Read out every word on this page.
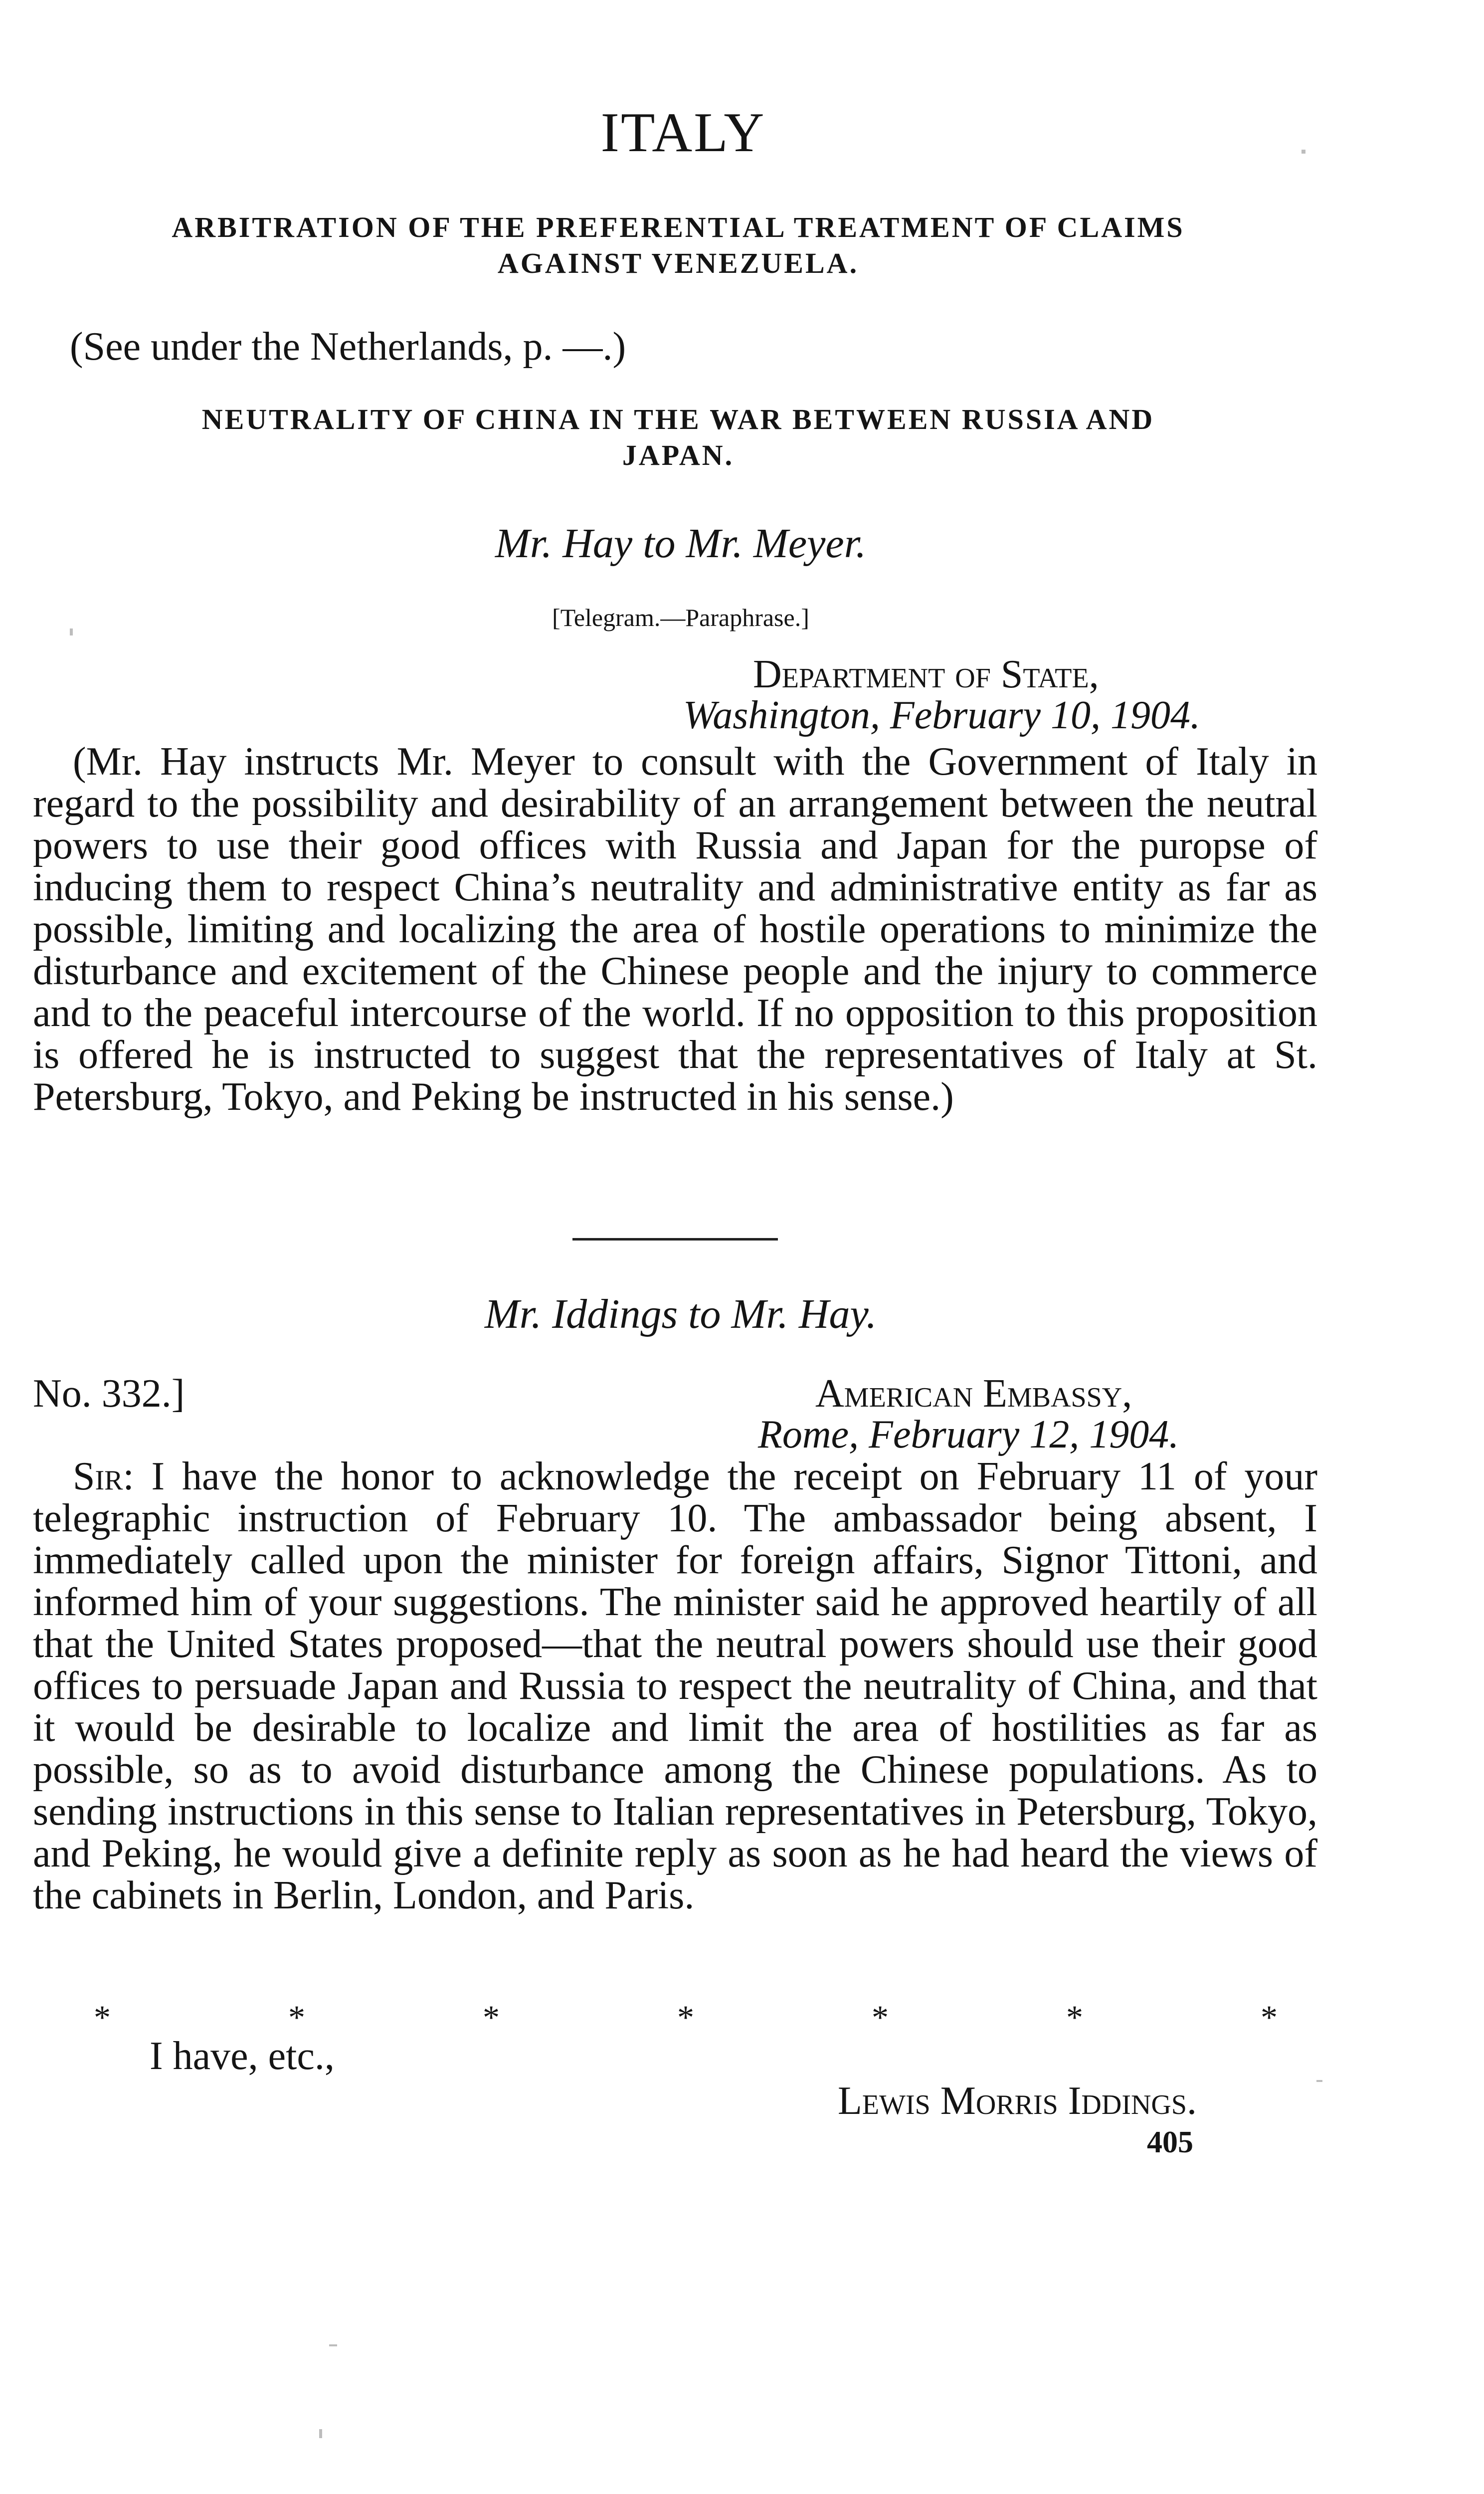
ITALY
ARBITRATION OF THE PREFERENTIAL TREATMENT OF CLAIMS
AGAINST VENEZUELA.

(See under the Netherlands, p. —.)

NEUTRALITY OF CHINA IN THE WAR BETWEEN RUSSIA AND
JAPAN.

Mr. Hay to Mr. Meyer.

[Telegram.—Paraphrase.]

Department of State,

Washington, February 10, 1904.

(Mr. Hay instructs Mr. Meyer to consult with the Government of Italy in regard to the possibility and desirability of an arrangement between the neutral powers to use their good offices with Russia and Japan for the puropse of inducing them to respect China’s neutrality and administrative entity as far as possible, limiting and localizing the area of hostile operations to minimize the disturbance and excitement of the Chinese people and the injury to commerce and to the peaceful intercourse of the world. If no opposition to this proposition is offered he is instructed to suggest that the representatives of Italy at St. Petersburg, Tokyo, and Peking be instructed in his sense.)

Mr. Iddings to Mr. Hay.

No. 332.]	American Embassy,

Rome, February 12, 1904.

Sir: I have the honor to acknowledge the receipt on February 11 of your telegraphic instruction of February 10. The ambassador being absent, I immediately called upon the minister for foreign affairs, Signor Tittoni, and informed him of your suggestions. The minister said he approved heartily of all that the United States proposed—that the neutral powers should use their good offices to persuade Japan and Russia to respect the neutrality of China, and that it would be desirable to localize and limit the area of hostilities as far as possible, so as to avoid disturbance among the Chinese populations. As to sending instructions in this sense to Italian representatives in Petersburg, Tokyo, and Peking, he would give a definite reply as soon as he had heard the views of the cabinets in Berlin, London, and Paris.

*	*	*	*	*	*	*

I have, etc.,

Lewis Morris Iddings.

405
